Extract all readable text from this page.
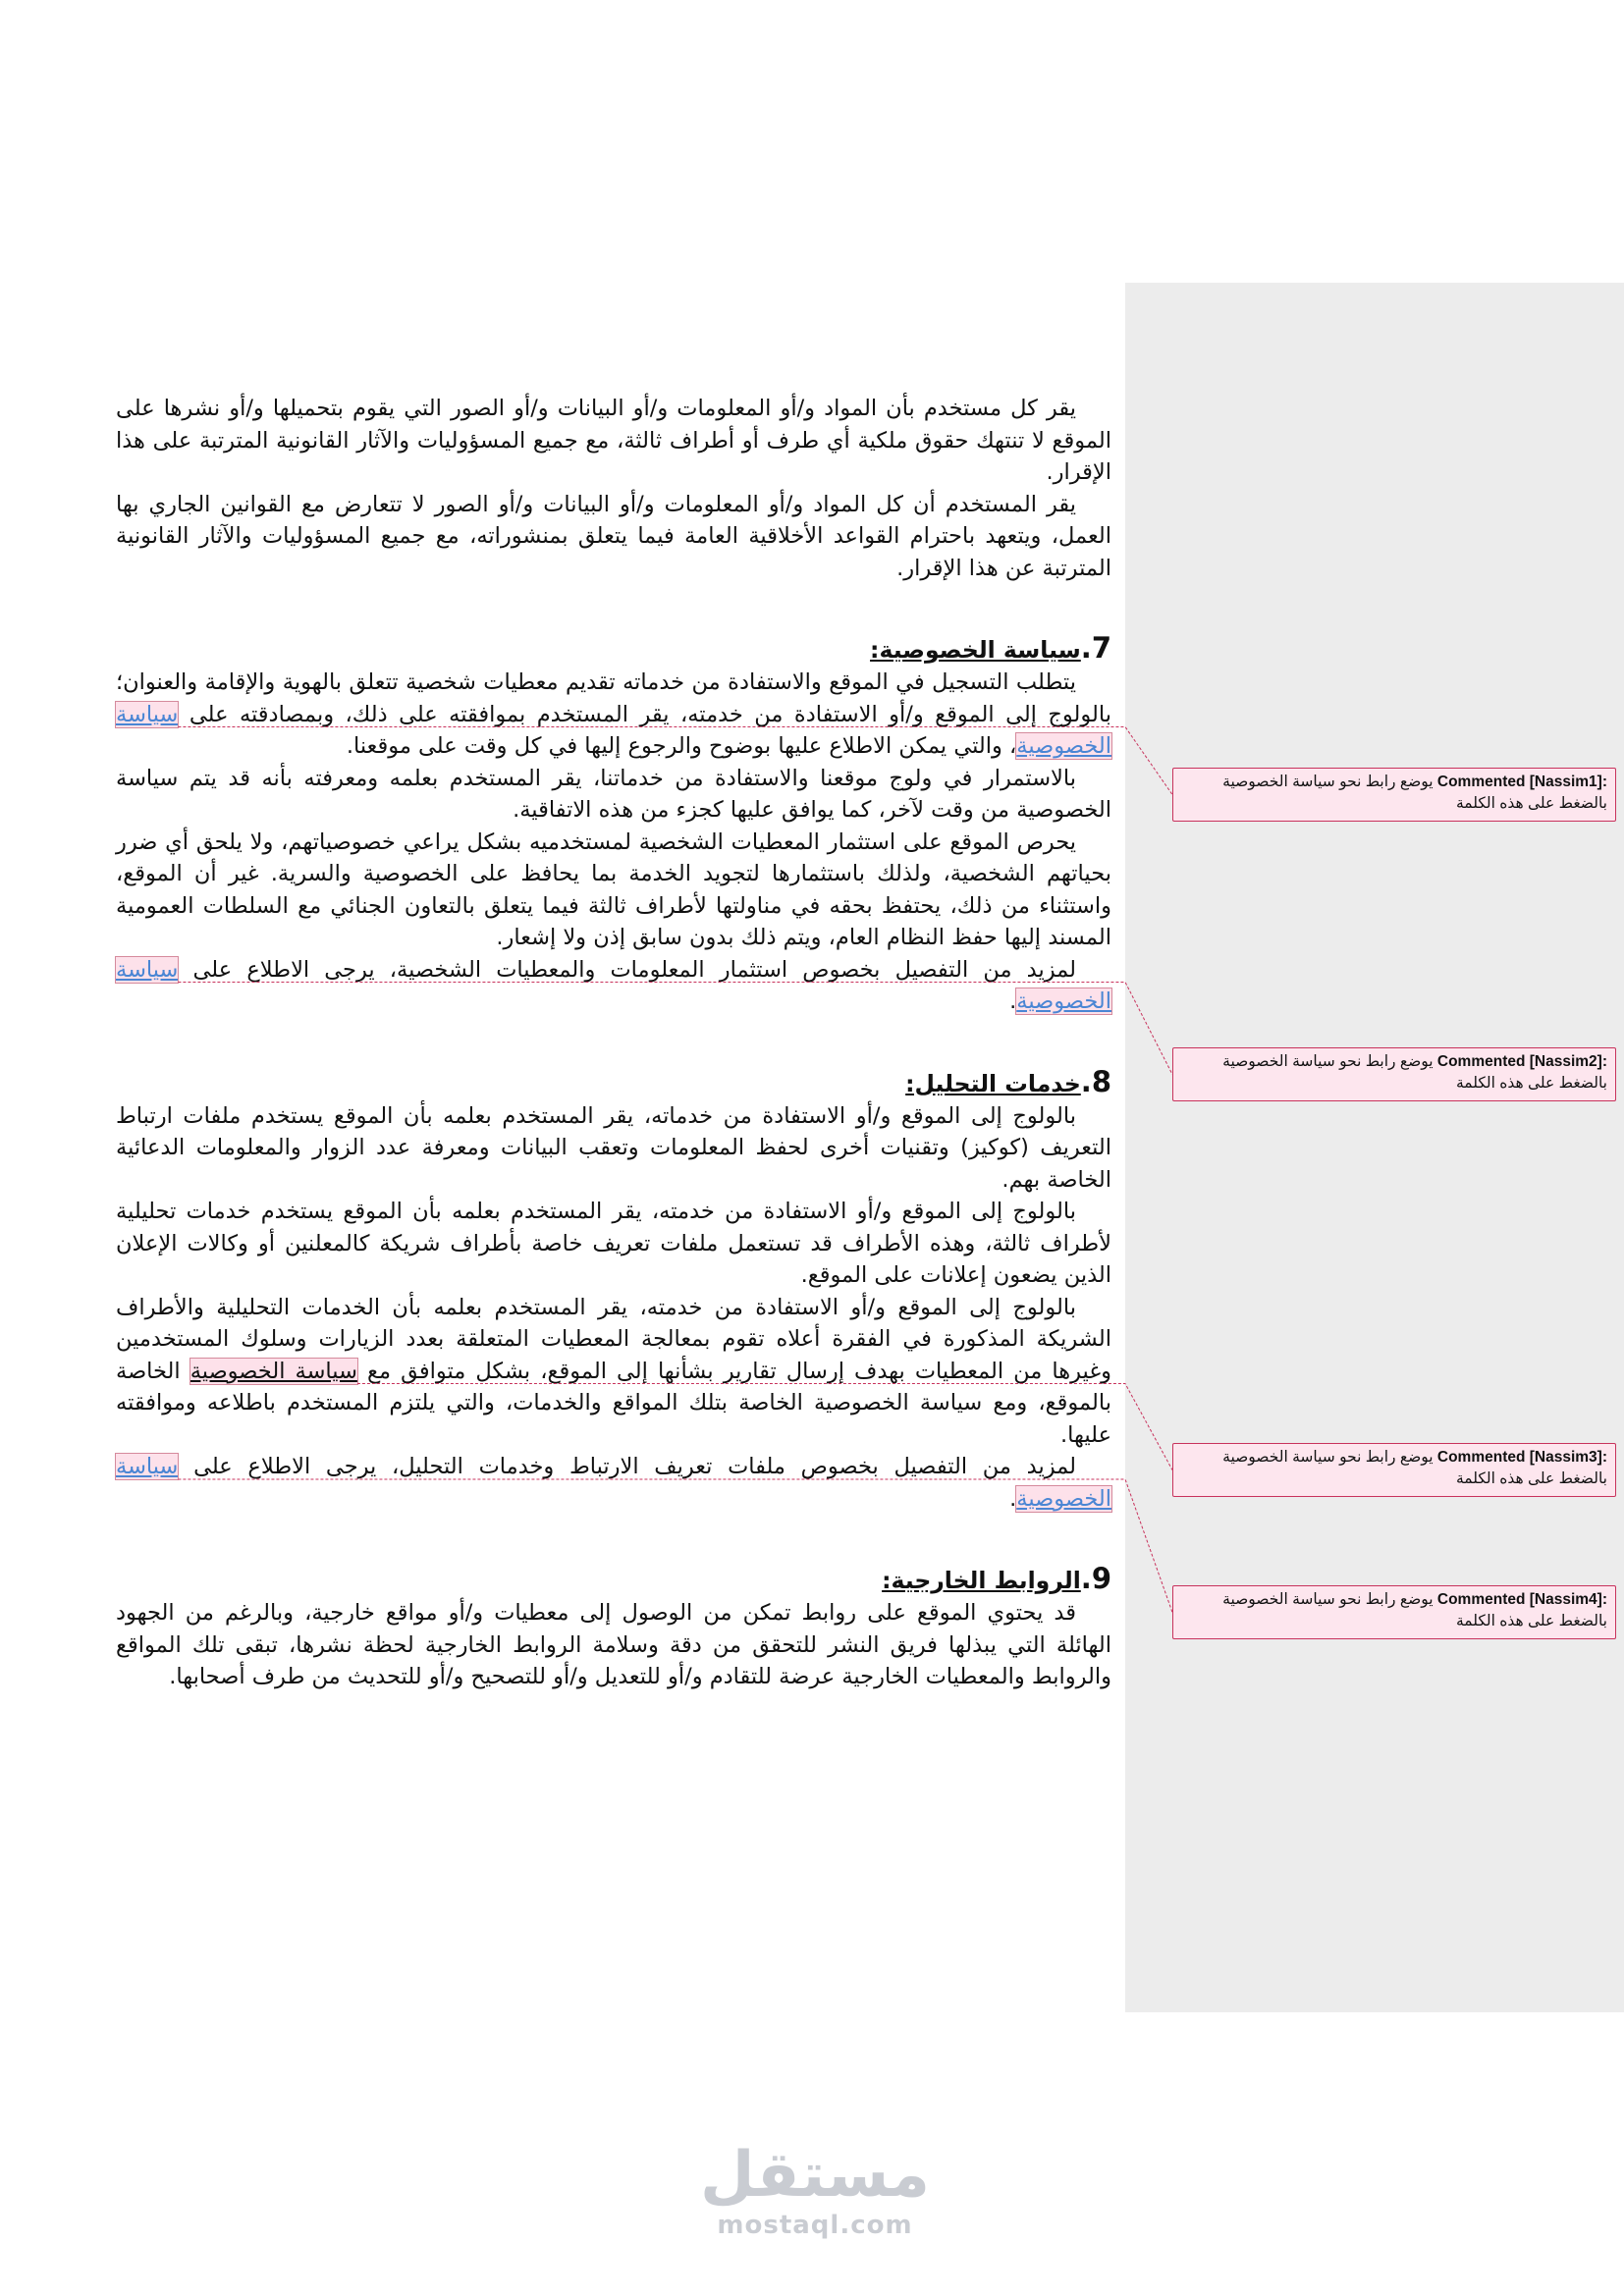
يقر كل مستخدم بأن المواد و/أو المعلومات و/أو البيانات و/أو الصور التي يقوم بتحميلها و/أو نشرها على الموقع لا تنتهك حقوق ملكية أي طرف أو أطراف ثالثة، مع جميع المسؤوليات والآثار القانونية المترتبة على هذا الإقرار.

يقر المستخدم أن كل المواد و/أو المعلومات و/أو البيانات و/أو الصور لا تتعارض مع القوانين الجاري بها العمل، ويتعهد باحترام القواعد الأخلاقية العامة فيما يتعلق بمنشوراته، مع جميع المسؤوليات والآثار القانونية المترتبة عن هذا الإقرار.

7.سياسة الخصوصية:

يتطلب التسجيل في الموقع والاستفادة من خدماته تقديم معطيات شخصية تتعلق بالهوية والإقامة والعنوان؛ بالولوج إلى الموقع و/أو الاستفادة من خدمته، يقر المستخدم بموافقته على ذلك، وبمصادقته على سياسة الخصوصية، والتي يمكن الاطلاع عليها بوضوح والرجوع إليها في كل وقت على موقعنا.

بالاستمرار في ولوج موقعنا والاستفادة من خدماتنا، يقر المستخدم بعلمه ومعرفته بأنه قد يتم سياسة الخصوصية من وقت لآخر، كما يوافق عليها كجزء من هذه الاتفاقية.

يحرص الموقع على استثمار المعطيات الشخصية لمستخدميه بشكل يراعي خصوصياتهم، ولا يلحق أي ضرر بحياتهم الشخصية، ولذلك باستثمارها لتجويد الخدمة بما يحافظ على الخصوصية والسرية. غير أن الموقع، واستثناء من ذلك، يحتفظ بحقه في مناولتها لأطراف ثالثة فيما يتعلق بالتعاون الجنائي مع السلطات العمومية المسند إليها حفظ النظام العام، ويتم ذلك بدون سابق إذن ولا إشعار.

لمزيد من التفصيل بخصوص استثمار المعلومات والمعطيات الشخصية، يرجى الاطلاع على سياسة الخصوصية.

8.خدمات التحليل:

بالولوج إلى الموقع و/أو الاستفادة من خدماته، يقر المستخدم بعلمه بأن الموقع يستخدم ملفات ارتباط التعريف (كوكيز) وتقنيات أخرى لحفظ المعلومات وتعقب البيانات ومعرفة عدد الزوار والمعلومات الدعائية الخاصة بهم.

بالولوج إلى الموقع و/أو الاستفادة من خدمته، يقر المستخدم بعلمه بأن الموقع يستخدم خدمات تحليلية لأطراف ثالثة، وهذه الأطراف قد تستعمل ملفات تعريف خاصة بأطراف شريكة كالمعلنين أو وكالات الإعلان الذين يضعون إعلانات على الموقع.

بالولوج إلى الموقع و/أو الاستفادة من خدمته، يقر المستخدم بعلمه بأن الخدمات التحليلية والأطراف الشريكة المذكورة في الفقرة أعلاه تقوم بمعالجة المعطيات المتعلقة بعدد الزيارات وسلوك المستخدمين وغيرها من المعطيات بهدف إرسال تقارير بشأنها إلى الموقع، بشكل متوافق مع سياسة الخصوصية الخاصة بالموقع، ومع سياسة الخصوصية الخاصة بتلك المواقع والخدمات، والتي يلتزم المستخدم باطلاعه وموافقته عليها.

لمزيد من التفصيل بخصوص ملفات تعريف الارتباط وخدمات التحليل، يرجى الاطلاع على سياسة الخصوصية.

9.الروابط الخارجية:

قد يحتوي الموقع على روابط تمكن من الوصول إلى معطيات و/أو مواقع خارجية، وبالرغم من الجهود الهائلة التي يبذلها فريق النشر للتحقق من دقة وسلامة الروابط الخارجية لحظة نشرها، تبقى تلك المواقع والروابط والمعطيات الخارجية عرضة للتقادم و/أو للتعديل و/أو للتصحيح و/أو للتحديث من طرف أصحابها.

Commented [Nassim1]: يوضع رابط نحو سياسة الخصوصية بالضغط على هذه الكلمة
Commented [Nassim2]: يوضع رابط نحو سياسة الخصوصية بالضغط على هذه الكلمة
Commented [Nassim3]: يوضع رابط نحو سياسة الخصوصية بالضغط على هذه الكلمة
Commented [Nassim4]: يوضع رابط نحو سياسة الخصوصية بالضغط على هذه الكلمة
مستقل
mostaql.com
